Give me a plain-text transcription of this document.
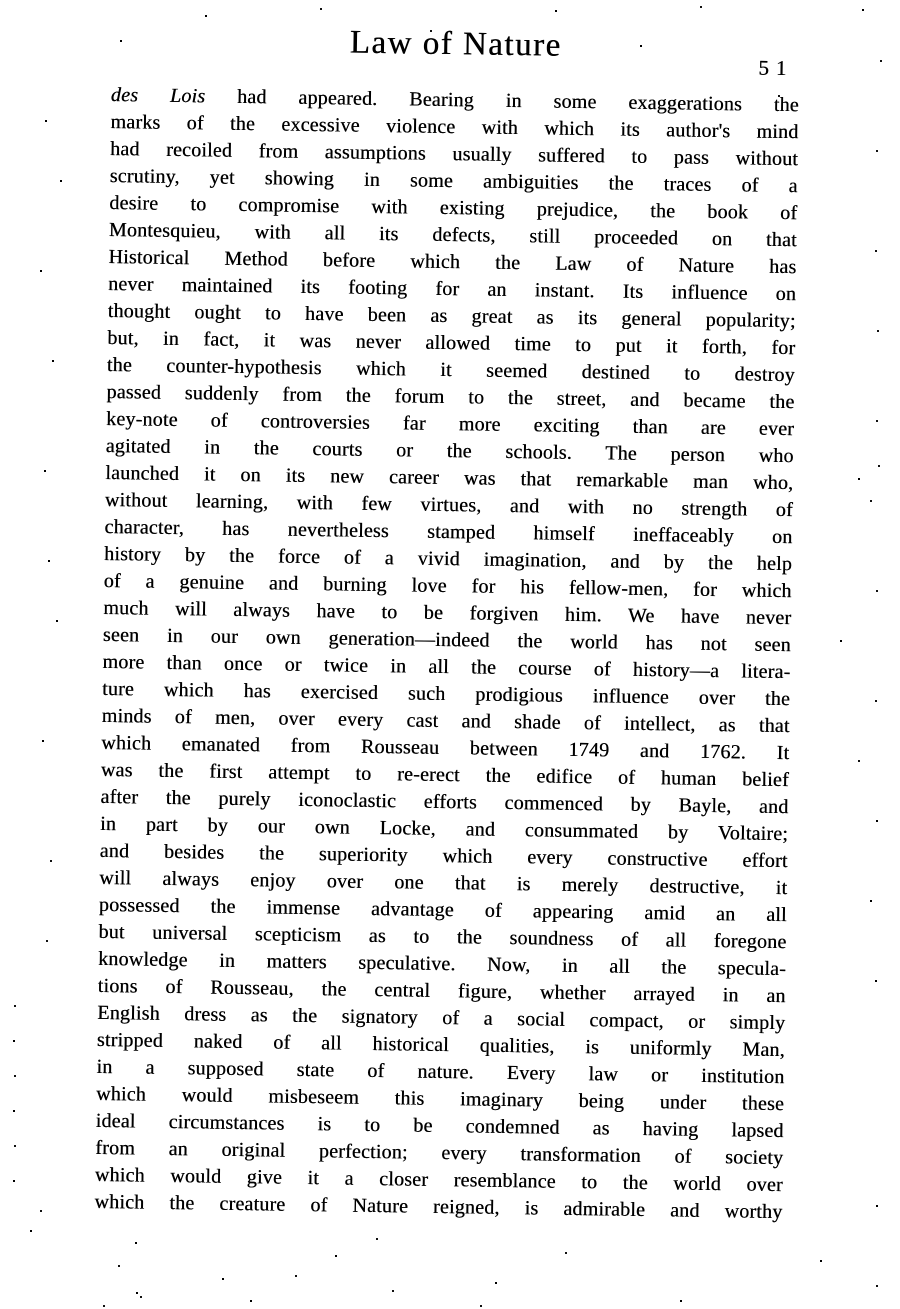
Law of Nature
51
des Lois had appeared. Bearing in some exaggerations the
marks of the excessive violence with which its author's mind
had recoiled from assumptions usually suffered to pass without
scrutiny, yet showing in some ambiguities the traces of a
desire to compromise with existing prejudice, the book of
Montesquieu, with all its defects, still proceeded on that
Historical Method before which the Law of Nature has
never maintained its footing for an instant. Its influence on
thought ought to have been as great as its general popularity;
but, in fact, it was never allowed time to put it forth, for
the counter-hypothesis which it seemed destined to destroy
passed suddenly from the forum to the street, and became the
key-note of controversies far more exciting than are ever
agitated in the courts or the schools. The person who
launched it on its new career was that remarkable man who,
without learning, with few virtues, and with no strength of
character, has nevertheless stamped himself ineffaceably on
history by the force of a vivid imagination, and by the help
of a genuine and burning love for his fellow-men, for which
much will always have to be forgiven him. We have never
seen in our own generation—indeed the world has not seen
more than once or twice in all the course of history—a litera-
ture which has exercised such prodigious influence over the
minds of men, over every cast and shade of intellect, as that
which emanated from Rousseau between 1749 and 1762. It
was the first attempt to re-erect the edifice of human belief
after the purely iconoclastic efforts commenced by Bayle, and
in part by our own Locke, and consummated by Voltaire;
and besides the superiority which every constructive effort
will always enjoy over one that is merely destructive, it
possessed the immense advantage of appearing amid an all
but universal scepticism as to the soundness of all foregone
knowledge in matters speculative. Now, in all the specula-
tions of Rousseau, the central figure, whether arrayed in an
English dress as the signatory of a social compact, or simply
stripped naked of all historical qualities, is uniformly Man,
in a supposed state of nature. Every law or institution
which would misbeseem this imaginary being under these
ideal circumstances is to be condemned as having lapsed
from an original perfection; every transformation of society
which would give it a closer resemblance to the world over
which the creature of Nature reigned, is admirable and worthy
